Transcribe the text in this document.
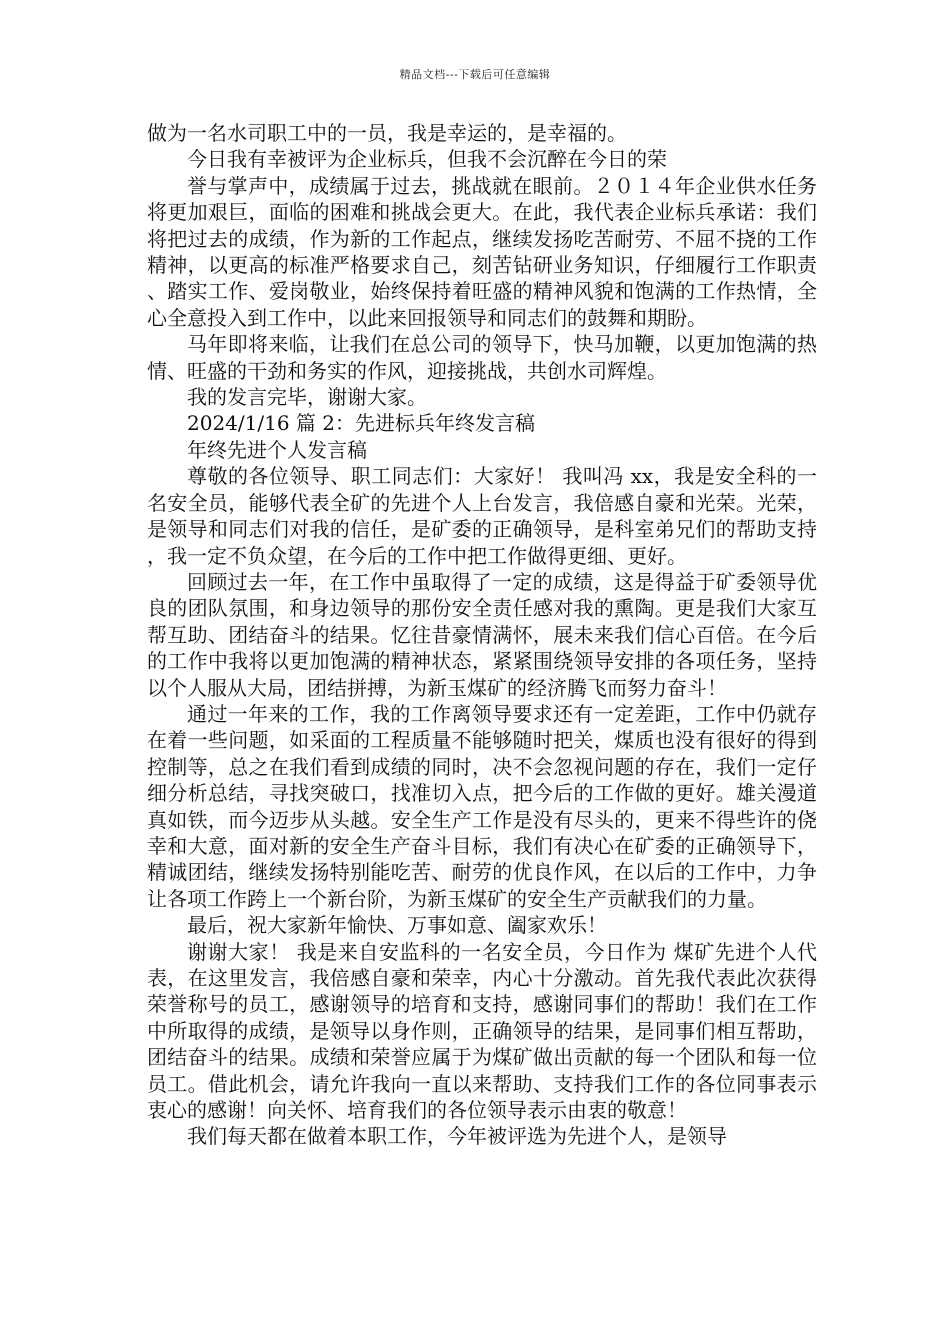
精品文档---下载后可任意编辑

做为一名水司职工中的一员，我是幸运的，是幸福的。

今日我有幸被评为企业标兵，但我不会沉醉在今日的荣

誉与掌声中，成绩属于过去，挑战就在眼前。２０１４年企业供水任务将更加艰巨，面临的困难和挑战会更大。在此，我代表企业标兵承诺：我们将把过去的成绩，作为新的工作起点，继续发扬吃苦耐劳、不屈不挠的工作精神，以更高的标准严格要求自己，刻苦钻研业务知识，仔细履行工作职责、踏实工作、爱岗敬业，始终保持着旺盛的精神风貌和饱满的工作热情，全心全意投入到工作中，以此来回报领导和同志们的鼓舞和期盼。

马年即将来临，让我们在总公司的领导下，快马加鞭，以更加饱满的热情、旺盛的干劲和务实的作风，迎接挑战，共创水司辉煌。

我的发言完毕，谢谢大家。

2024/1/16 篇 2：先进标兵年终发言稿

年终先进个人发言稿

尊敬的各位领导、职工同志们：大家好！ 我叫冯 xx，我是安全科的一名安全员，能够代表全矿的先进个人上台发言，我倍感自豪和光荣。光荣，是领导和同志们对我的信任，是矿委的正确领导，是科室弟兄们的帮助支持，我一定不负众望，在今后的工作中把工作做得更细、更好。

回顾过去一年，在工作中虽取得了一定的成绩，这是得益于矿委领导优良的团队氛围，和身边领导的那份安全责任感对我的熏陶。更是我们大家互帮互助、团结奋斗的结果。忆往昔豪情满怀，展未来我们信心百倍。在今后的工作中我将以更加饱满的精神状态，紧紧围绕领导安排的各项任务，坚持以个人服从大局，团结拼搏，为新玉煤矿的经济腾飞而努力奋斗！

通过一年来的工作，我的工作离领导要求还有一定差距，工作中仍就存在着一些问题，如采面的工程质量不能够随时把关，煤质也没有很好的得到控制等，总之在我们看到成绩的同时，决不会忽视问题的存在，我们一定仔细分析总结，寻找突破口，找准切入点，把今后的工作做的更好。雄关漫道真如铁，而今迈步从头越。安全生产工作是没有尽头的，更来不得些许的侥幸和大意，面对新的安全生产奋斗目标，我们有决心在矿委的正确领导下，精诚团结，继续发扬特别能吃苦、耐劳的优良作风，在以后的工作中，力争让各项工作跨上一个新台阶，为新玉煤矿的安全生产贡献我们的力量。

最后，祝大家新年愉快、万事如意、阖家欢乐！

谢谢大家！ 我是来自安监科的一名安全员，今日作为 煤矿先进个人代表，在这里发言，我倍感自豪和荣幸，内心十分激动。首先我代表此次获得荣誉称号的员工，感谢领导的培育和支持，感谢同事们的帮助！我们在工作中所取得的成绩，是领导以身作则，正确领导的结果，是同事们相互帮助，团结奋斗的结果。成绩和荣誉应属于为煤矿做出贡献的每一个团队和每一位员工。借此机会，请允许我向一直以来帮助、支持我们工作的各位同事表示衷心的感谢！向关怀、培育我们的各位领导表示由衷的敬意！

我们每天都在做着本职工作，今年被评选为先进个人，是领导
